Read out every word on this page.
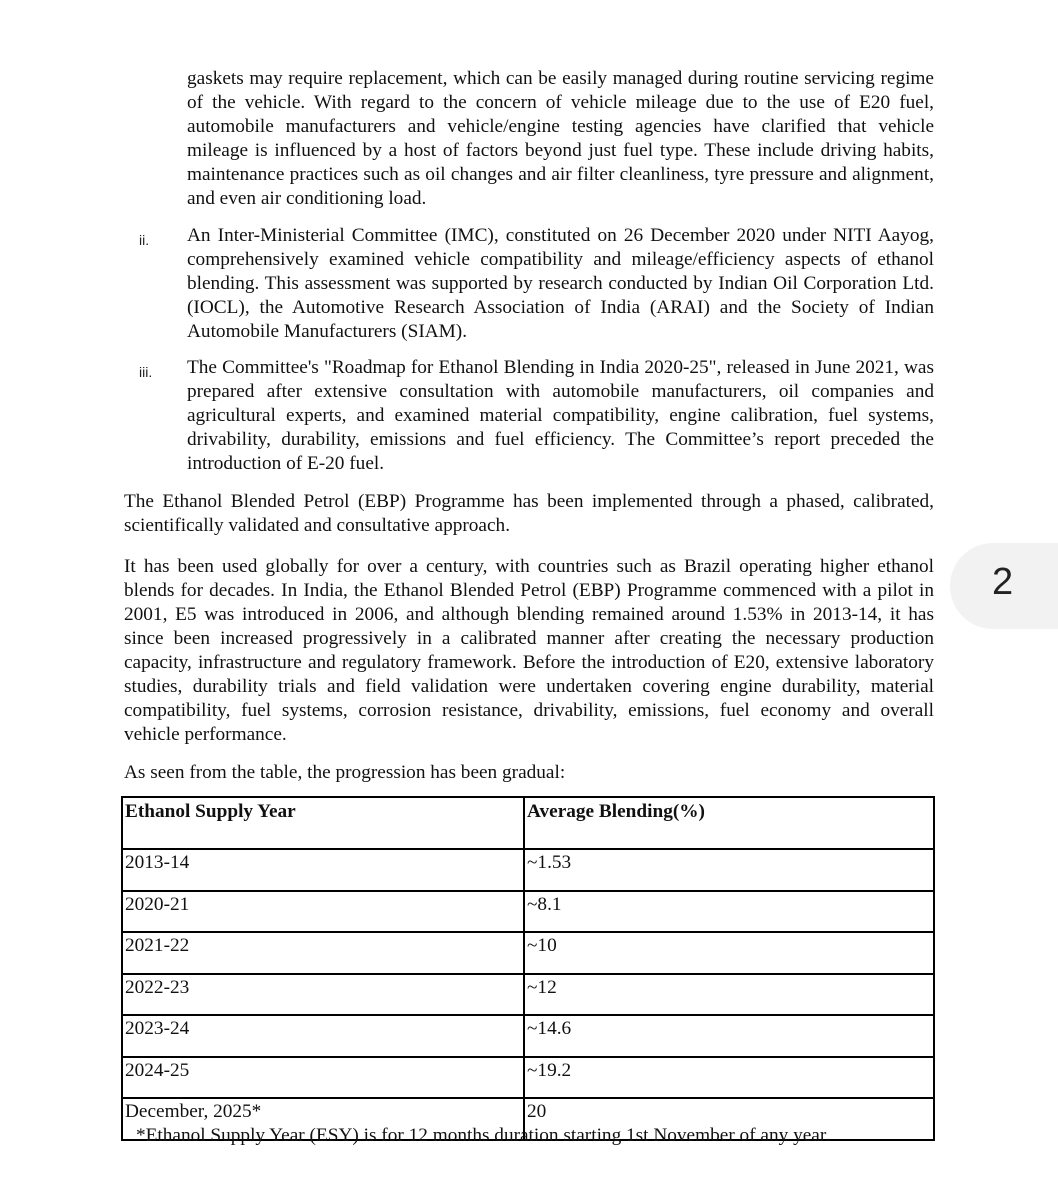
gaskets may require replacement, which can be easily managed during routine servicing regime of the vehicle. With regard to the concern of vehicle mileage due to the use of E20 fuel, automobile manufacturers and vehicle/engine testing agencies have clarified that vehicle mileage is influenced by a host of factors beyond just fuel type. These include driving habits, maintenance practices such as oil changes and air filter cleanliness, tyre pressure and alignment, and even air conditioning load.

ii. An Inter-Ministerial Committee (IMC), constituted on 26 December 2020 under NITI Aayog, comprehensively examined vehicle compatibility and mileage/efficiency aspects of ethanol blending. This assessment was supported by research conducted by Indian Oil Corporation Ltd. (IOCL), the Automotive Research Association of India (ARAI) and the Society of Indian Automobile Manufacturers (SIAM).

iii. The Committee's "Roadmap for Ethanol Blending in India 2020-25", released in June 2021, was prepared after extensive consultation with automobile manufacturers, oil companies and agricultural experts, and examined material compatibility, engine calibration, fuel systems, drivability, durability, emissions and fuel efficiency. The Committee’s report preceded the introduction of E-20 fuel.

The Ethanol Blended Petrol (EBP) Programme has been implemented through a phased, calibrated, scientifically validated and consultative approach.

It has been used globally for over a century, with countries such as Brazil operating higher ethanol blends for decades. In India, the Ethanol Blended Petrol (EBP) Programme commenced with a pilot in 2001, E5 was introduced in 2006, and although blending remained around 1.53% in 2013-14, it has since been increased progressively in a calibrated manner after creating the necessary production capacity, infrastructure and regulatory framework. Before the introduction of E20, extensive laboratory studies, durability trials and field validation were undertaken covering engine durability, material compatibility, fuel systems, corrosion resistance, drivability, emissions, fuel economy and overall vehicle performance.

As seen from the table, the progression has been gradual:

Ethanol Supply Year	Average Blending(%)
2013-14	~1.53
2020-21	~8.1
2021-22	~10
2022-23	~12
2023-24	~14.6
2024-25	~19.2
December, 2025*	20
*Ethanol Supply Year (ESY) is for 12 months duration starting 1st November of any year.
2
